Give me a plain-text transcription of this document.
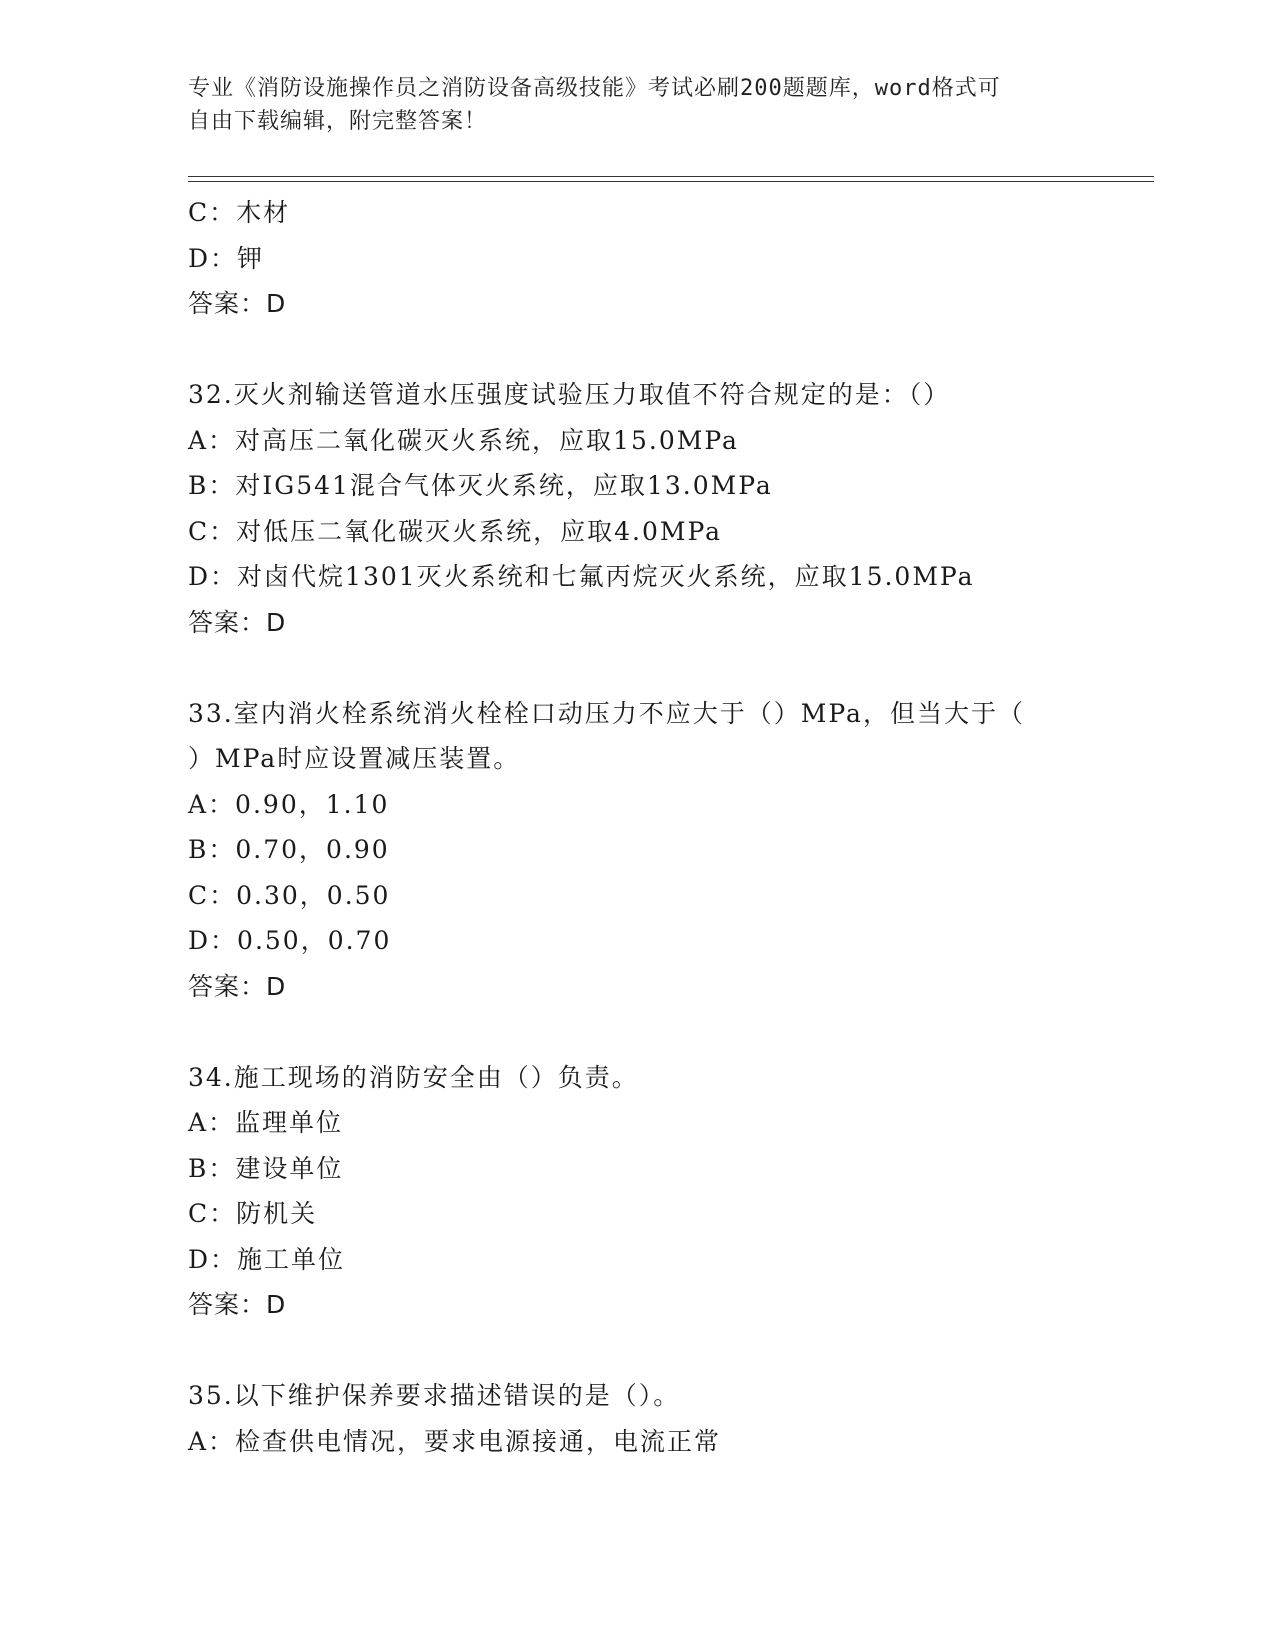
专业《消防设施操作员之消防设备高级技能》考试必刷200题题库，word格式可
自由下载编辑，附完整答案！
C：木材
D：钾
答案：D
32.灭火剂输送管道水压强度试验压力取值不符合规定的是：（）
A：对高压二氧化碳灭火系统，应取15.0MPa
B：对IG541混合气体灭火系统，应取13.0MPa
C：对低压二氧化碳灭火系统，应取4.0MPa
D：对卤代烷1301灭火系统和七氟丙烷灭火系统，应取15.0MPa
答案：D
33.室内消火栓系统消火栓栓口动压力不应大于（）MPa，但当大于（
）MPa时应设置减压装置。
A：0.90，1.10
B：0.70，0.90
C：0.30，0.50
D：0.50，0.70
答案：D
34.施工现场的消防安全由（）负责。
A：监理单位
B：建设单位
C：防机关
D：施工单位
答案：D
35.以下维护保养要求描述错误的是（）。
A：检查供电情况，要求电源接通，电流正常
